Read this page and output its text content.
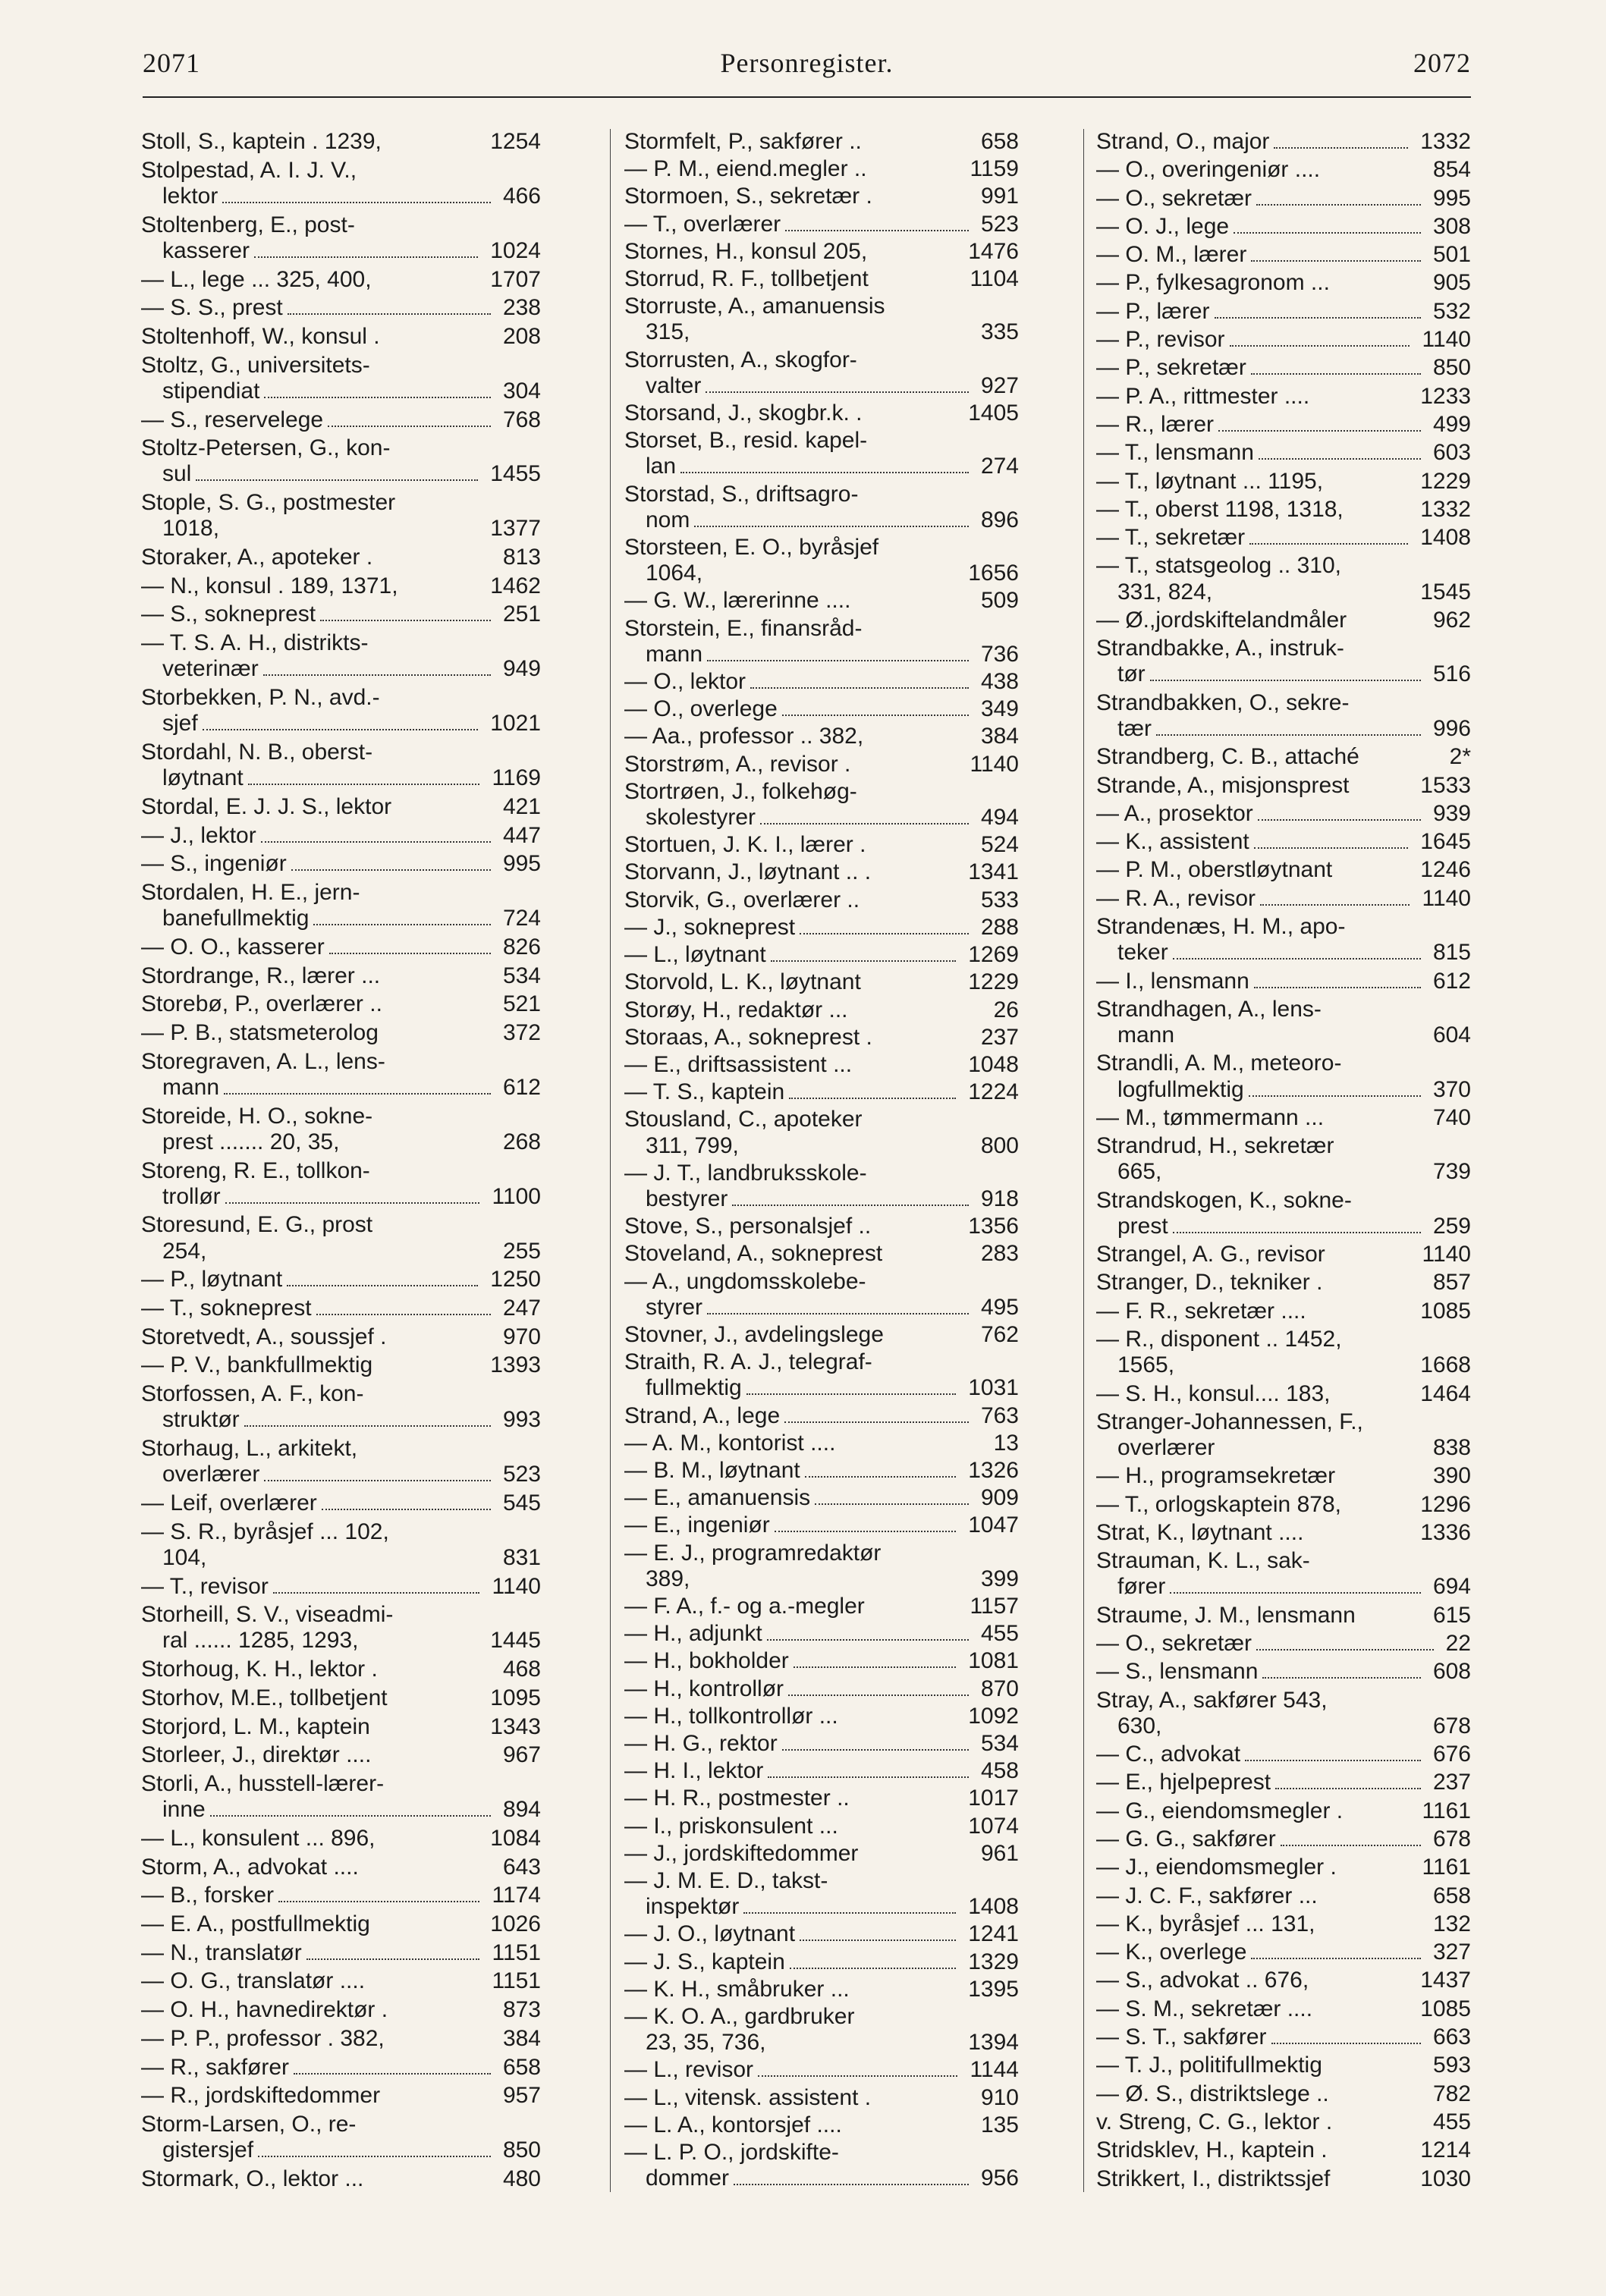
2071	Personregister.	2072
Stoll, S., kaptein . 1239,	1254
Stolpestad, A. I. J. V.,
lektor	466
Stoltenberg, E., post-
kasserer	1024
— L., lege ... 325, 400,	1707
— S. S., prest	238
Stoltenhoff, W., konsul .	208
Stoltz, G., universitets-
stipendiat	304
— S., reservelege	768
Stoltz-Petersen, G., kon-
sul	1455
Stople, S. G., postmester
1018,	1377
Storaker, A., apoteker .	813
— N., konsul . 189, 1371,	1462
— S., sokneprest	251
— T. S. A. H., distrikts-
veterinær	949
Storbekken, P. N., avd.-
sjef	1021
Stordahl, N. B., oberst-
løytnant	1169
Stordal, E. J. J. S., lektor	421
— J., lektor	447
— S., ingeniør	995
Stordalen, H. E., jern-
banefullmektig	724
— O. O., kasserer	826
Stordrange, R., lærer ...	534
Storebø, P., overlærer ..	521
— P. B., statsmeterolog	372
Storegraven, A. L., lens-
mann	612
Storeide, H. O., sokne-
prest ....... 20, 35,	268
Storeng, R. E., tollkon-
trollør	1100
Storesund, E. G., prost
254,	255
— P., løytnant	1250
— T., sokneprest	247
Storetvedt, A., soussjef .	970
— P. V., bankfullmektig	1393
Storfossen, A. F., kon-
struktør	993
Storhaug, L., arkitekt,
overlærer	523
— Leif, overlærer	545
— S. R., byråsjef ... 102,
104,	831
— T., revisor	1140
Storheill, S. V., viseadmi-
ral ...... 1285, 1293,	1445
Storhoug, K. H., lektor .	468
Storhov, M.E., tollbetjent	1095
Storjord, L. M., kaptein	1343
Storleer, J., direktør ....	967
Storli, A., husstell-lærer-
inne	894
— L., konsulent ... 896,	1084
Storm, A., advokat ....	643
— B., forsker	1174
— E. A., postfullmektig	1026
— N., translatør	1151
— O. G., translatør ....	1151
— O. H., havnedirektør .	873
— P. P., professor . 382,	384
— R., sakfører	658
— R., jordskiftedommer	957
Storm-Larsen, O., re-
gistersjef	850
Stormark, O., lektor ...	480
Stormfelt, P., sakfører ..	658
— P. M., eiend.megler ..	1159
Stormoen, S., sekretær .	991
— T., overlærer	523
Stornes, H., konsul 205,	1476
Storrud, R. F., tollbetjent	1104
Storruste, A., amanuensis
315,	335
Storrusten, A., skogfor-
valter	927
Storsand, J., skogbr.k. .	1405
Storset, B., resid. kapel-
lan	274
Storstad, S., driftsagro-
nom	896
Storsteen, E. O., byråsjef
1064,	1656
— G. W., lærerinne ....	509
Storstein, E., finansråd-
mann	736
— O., lektor	438
— O., overlege	349
— Aa., professor .. 382,	384
Storstrøm, A., revisor .	1140
Stortrøen, J., folkehøg-
skolestyrer	494
Stortuen, J. K. I., lærer .	524
Storvann, J., løytnant .. .	1341
Storvik, G., overlærer ..	533
— J., sokneprest	288
— L., løytnant	1269
Storvold, L. K., løytnant	1229
Storøy, H., redaktør ...	26
Storaas, A., sokneprest .	237
— E., driftsassistent ...	1048
— T. S., kaptein	1224
Stousland, C., apoteker
311, 799,	800
— J. T., landbruksskole-
bestyrer	918
Stove, S., personalsjef ..	1356
Stoveland, A., sokneprest	283
— A., ungdomsskolebe-
styrer	495
Stovner, J., avdelingslege	762
Straith, R. A. J., telegraf-
fullmektig	1031
Strand, A., lege	763
— A. M., kontorist ....	13
— B. M., løytnant	1326
— E., amanuensis	909
— E., ingeniør	1047
— E. J., programredaktør
389,	399
— F. A., f.- og a.-megler	1157
— H., adjunkt	455
— H., bokholder	1081
— H., kontrollør	870
— H., tollkontrollør ...	1092
— H. G., rektor	534
— H. I., lektor	458
— H. R., postmester ..	1017
— I., priskonsulent ...	1074
— J., jordskiftedommer	961
— J. M. E. D., takst-
inspektør	1408
— J. O., løytnant	1241
— J. S., kaptein	1329
— K. H., småbruker ...	1395
— K. O. A., gardbruker
23, 35, 736,	1394
— L., revisor	1144
— L., vitensk. assistent .	910
— L. A., kontorsjef ....	135
— L. P. O., jordskifte-
dommer	956
Strand, O., major	1332
— O., overingeniør ....	854
— O., sekretær	995
— O. J., lege	308
— O. M., lærer	501
— P., fylkesagronom ...	905
— P., lærer	532
— P., revisor	1140
— P., sekretær	850
— P. A., rittmester ....	1233
— R., lærer	499
— T., lensmann	603
— T., løytnant ... 1195,	1229
— T., oberst 1198, 1318,	1332
— T., sekretær	1408
— T., statsgeolog .. 310,
331, 824,	1545
— Ø.,jordskiftelandmåler	962
Strandbakke, A., instruk-
tør	516
Strandbakken, O., sekre-
tær	996
Strandberg, C. B., attaché	2*
Strande, A., misjonsprest	1533
— A., prosektor	939
— K., assistent	1645
— P. M., oberstløytnant	1246
— R. A., revisor	1140
Strandenæs, H. M., apo-
teker	815
— I., lensmann	612
Strandhagen, A., lens-
mann	604
Strandli, A. M., meteoro-
logfullmektig	370
— M., tømmermann ...	740
Strandrud, H., sekretær
665,	739
Strandskogen, K., sokne-
prest	259
Strangel, A. G., revisor	1140
Stranger, D., tekniker .	857
— F. R., sekretær ....	1085
— R., disponent .. 1452,
1565,	1668
— S. H., konsul.... 183,	1464
Stranger-Johannessen, F.,
overlærer	838
— H., programsekretær	390
— T., orlogskaptein 878,	1296
Strat, K., løytnant ....	1336
Strauman, K. L., sak-
fører	694
Straume, J. M., lensmann	615
— O., sekretær	22
— S., lensmann	608
Stray, A., sakfører 543,
630,	678
— C., advokat	676
— E., hjelpeprest	237
— G., eiendomsmegler .	1161
— G. G., sakfører	678
— J., eiendomsmegler .	1161
— J. C. F., sakfører ...	658
— K., byråsjef ... 131,	132
— K., overlege	327
— S., advokat .. 676,	1437
— S. M., sekretær ....	1085
— S. T., sakfører	663
— T. J., politifullmektig	593
— Ø. S., distriktslege ..	782
v. Streng, C. G., lektor .	455
Stridsklev, H., kaptein .	1214
Strikkert, I., distriktssjef	1030
